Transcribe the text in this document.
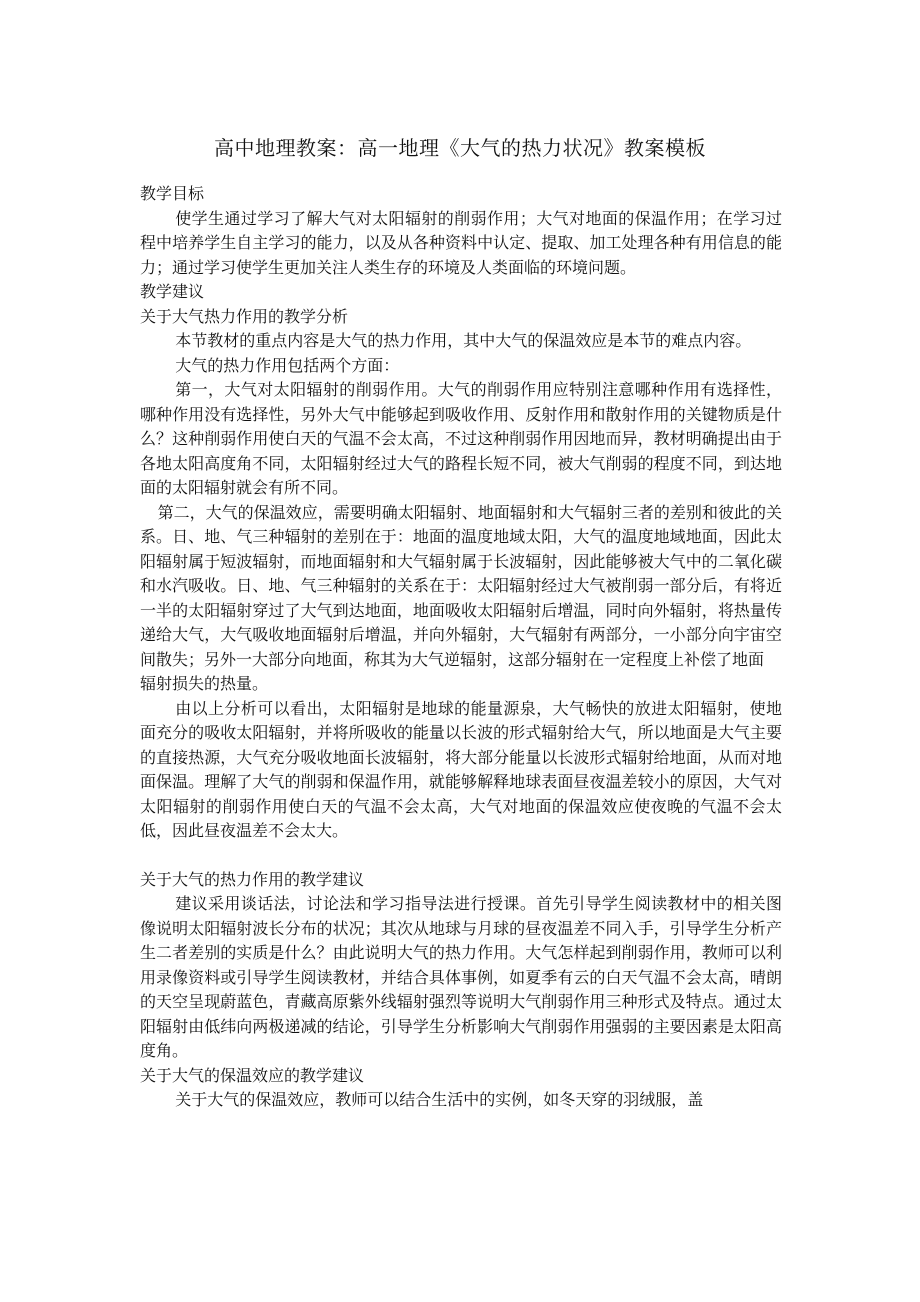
高中地理教案：高一地理《大气的热力状况》教案模板

教学目标

使学生通过学习了解大气对太阳辐射的削弱作用；大气对地面的保温作用；在学习过程中培养学生自主学习的能力，以及从各种资料中认定、提取、加工处理各种有用信息的能力；通过学习使学生更加关注人类生存的环境及人类面临的环境问题。

教学建议

关于大气热力作用的教学分析

本节教材的重点内容是大气的热力作用，其中大气的保温效应是本节的难点内容。

大气的热力作用包括两个方面：

第一，大气对太阳辐射的削弱作用。大气的削弱作用应特别注意哪种作用有选择性，哪种作用没有选择性，另外大气中能够起到吸收作用、反射作用和散射作用的关键物质是什么？这种削弱作用使白天的气温不会太高，不过这种削弱作用因地而异，教材明确提出由于各地太阳高度角不同，太阳辐射经过大气的路程长短不同，被大气削弱的程度不同，到达地面的太阳辐射就会有所不同。

第二，大气的保温效应，需要明确太阳辐射、地面辐射和大气辐射三者的差别和彼此的关系。日、地、气三种辐射的差别在于：地面的温度地域太阳，大气的温度地域地面，因此太阳辐射属于短波辐射，而地面辐射和大气辐射属于长波辐射，因此能够被大气中的二氧化碳和水汽吸收。日、地、气三种辐射的关系在于：太阳辐射经过大气被削弱一部分后，有将近一半的太阳辐射穿过了大气到达地面，地面吸收太阳辐射后增温，同时向外辐射，将热量传递给大气，大气吸收地面辐射后增温，并向外辐射，大气辐射有两部分，一小部分向宇宙空间散失；另外一大部分向地面，称其为大气逆辐射，这部分辐射在一定程度上补偿了地面

辐射损失的热量。

由以上分析可以看出，太阳辐射是地球的能量源泉，大气畅快的放进太阳辐射，使地面充分的吸收太阳辐射，并将所吸收的能量以长波的形式辐射给大气，所以地面是大气主要的直接热源，大气充分吸收地面长波辐射，将大部分能量以长波形式辐射给地面，从而对地面保温。理解了大气的削弱和保温作用，就能够解释地球表面昼夜温差较小的原因，大气对太阳辐射的削弱作用使白天的气温不会太高，大气对地面的保温效应使夜晚的气温不会太低，因此昼夜温差不会太大。

关于大气的热力作用的教学建议

建议采用谈话法，讨论法和学习指导法进行授课。首先引导学生阅读教材中的相关图像说明太阳辐射波长分布的状况；其次从地球与月球的昼夜温差不同入手，引导学生分析产生二者差别的实质是什么？由此说明大气的热力作用。大气怎样起到削弱作用，教师可以利用录像资料或引导学生阅读教材，并结合具体事例，如夏季有云的白天气温不会太高，晴朗的天空呈现蔚蓝色，青藏高原紫外线辐射强烈等说明大气削弱作用三种形式及特点。通过太阳辐射由低纬向两极递减的结论，引导学生分析影响大气削弱作用强弱的主要因素是太阳高度角。

关于大气的保温效应的教学建议

关于大气的保温效应，教师可以结合生活中的实例，如冬天穿的羽绒服，盖
